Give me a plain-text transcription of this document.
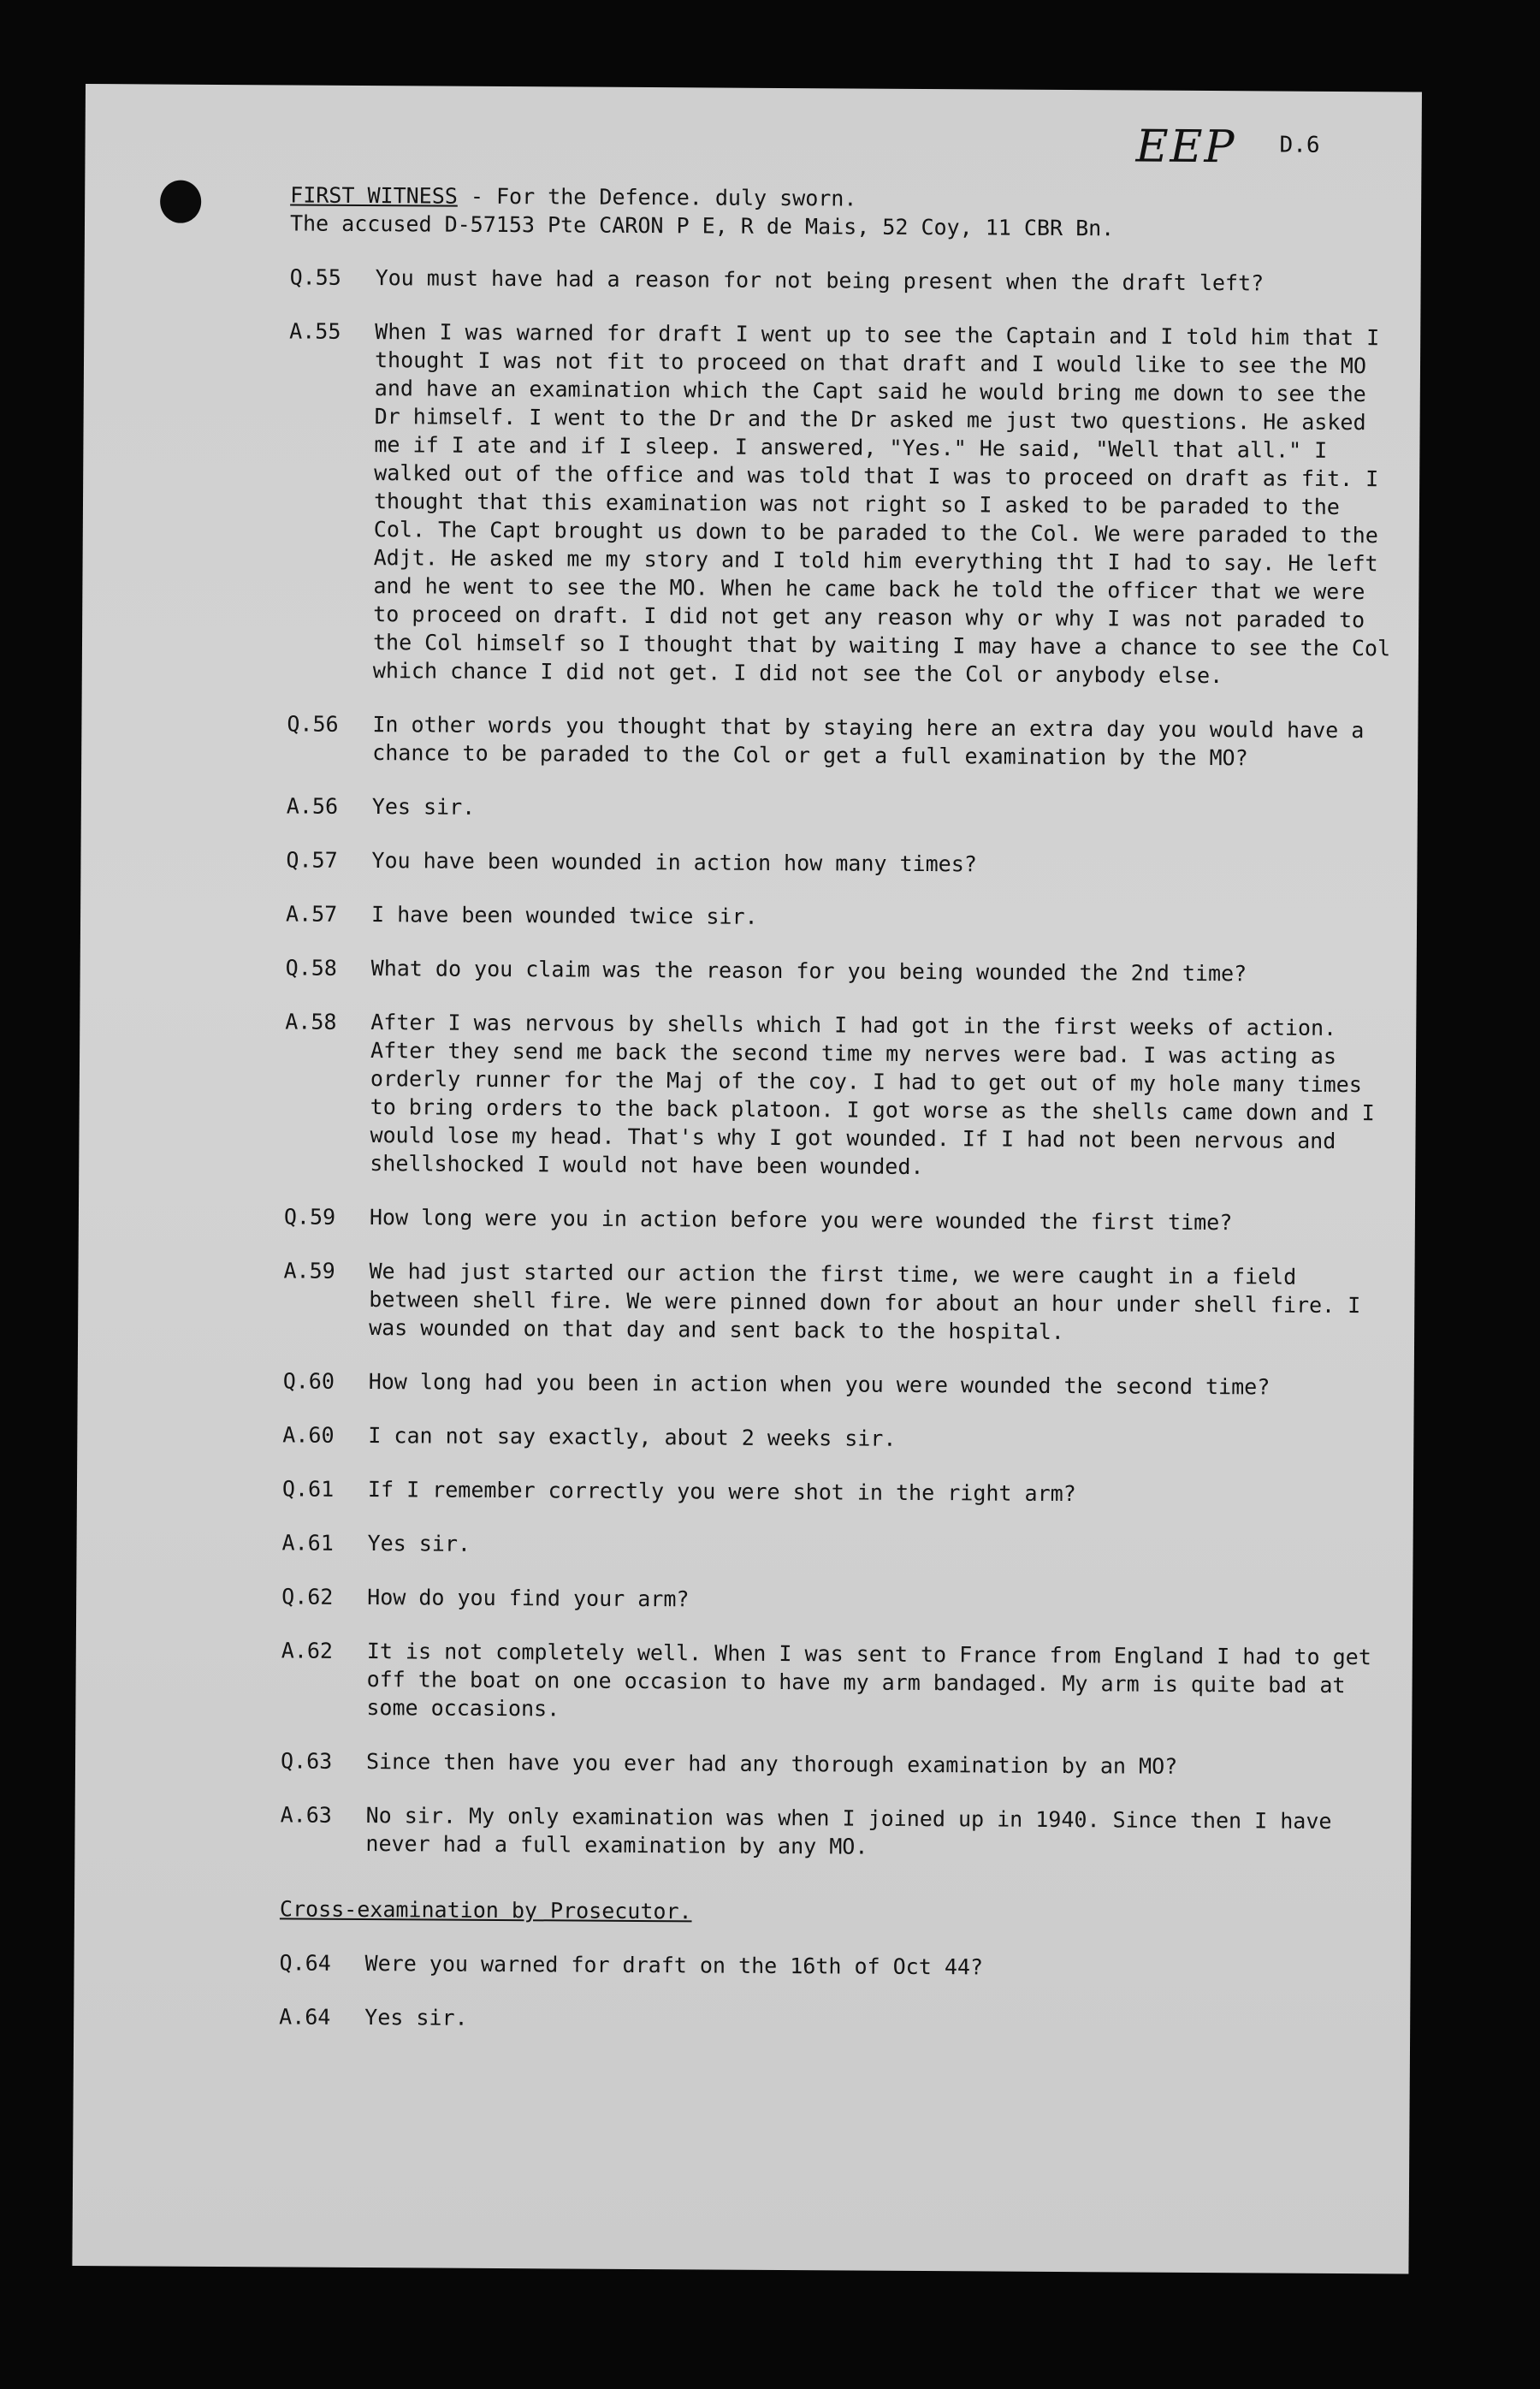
EEP D.6
FIRST WITNESS - For the Defence. duly sworn.
The accused D-57153 Pte CARON P E, R de Mais, 52 Coy, 11 CBR Bn.
Q.55	You must have had a reason for not being present when the draft left?
A.55	When I was warned for draft I went up to see the Captain and I told him that I thought I was not fit to proceed on that draft and I would like to see the MO and have an examination which the Capt said he would bring me down to see the Dr himself. I went to the Dr and the Dr asked me just two questions. He asked me if I ate and if I sleep. I answered, "Yes." He said, "Well that all." I walked out of the office and was told that I was to proceed on draft as fit. I thought that this examination was not right so I asked to be paraded to the Col. The Capt brought us down to be paraded to the Col. We were paraded to the Adjt. He asked me my story and I told him everything tht I had to say. He left and he went to see the MO. When he came back he told the officer that we were to proceed on draft. I did not get any reason why or why I was not paraded to the Col himself so I thought that by waiting I may have a chance to see the Col which chance I did not get. I did not see the Col or anybody else.
Q.56	In other words you thought that by staying here an extra day you would have a chance to be paraded to the Col or get a full examination by the MO?
A.56	Yes sir.
Q.57	You have been wounded in action how many times?
A.57	I have been wounded twice sir.
Q.58	What do you claim was the reason for you being wounded the 2nd time?
A.58	After I was nervous by shells which I had got in the first weeks of action. After they send me back the second time my nerves were bad. I was acting as orderly runner for the Maj of the coy. I had to get out of my hole many times to bring orders to the back platoon. I got worse as the shells came down and I would lose my head. That's why I got wounded. If I had not been nervous and shellshocked I would not have been wounded.
Q.59	How long were you in action before you were wounded the first time?
A.59	We had just started our action the first time, we were caught in a field between shell fire. We were pinned down for about an hour under shell fire. I was wounded on that day and sent back to the hospital.
Q.60	How long had you been in action when you were wounded the second time?
A.60	I can not say exactly, about 2 weeks sir.
Q.61	If I remember correctly you were shot in the right arm?
A.61	Yes sir.
Q.62	How do you find your arm?
A.62	It is not completely well. When I was sent to France from England I had to get off the boat on one occasion to have my arm bandaged. My arm is quite bad at some occasions.
Q.63	Since then have you ever had any thorough examination by an MO?
A.63	No sir. My only examination was when I joined up in 1940. Since then I have never had a full examination by any MO.
Cross-examination by Prosecutor.
Q.64	Were you warned for draft on the 16th of Oct 44?
A.64	Yes sir.
